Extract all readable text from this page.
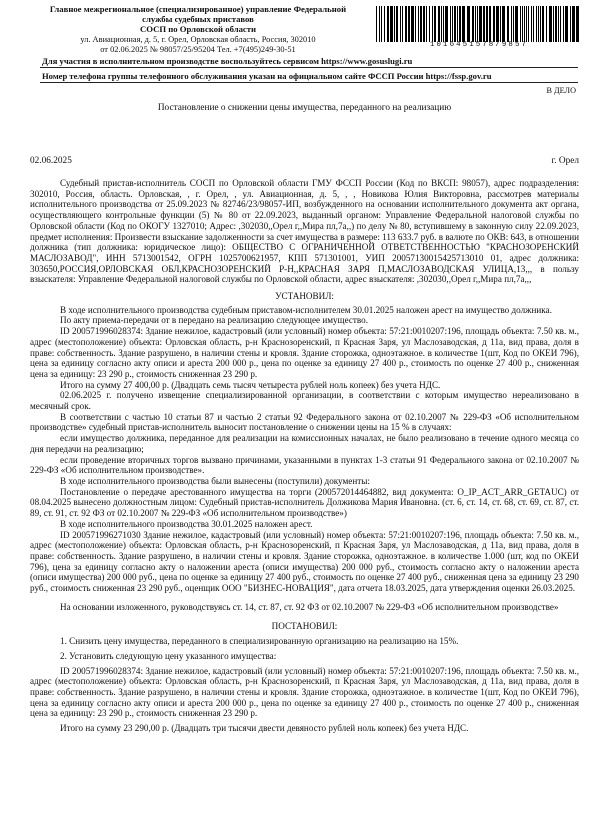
Главное межрегиональное (специализированное) управление Федеральной
службы судебных приставов
СОСП по Орловской области
ул. Авиационная, д. 5, г. Орел, Орловская область, Россия, 302010
от 02.06.2025 № 98057/25/95204 Тел. +7(495)249-30-51	1016451578/9857
Для участия в исполнительном производстве воспользуйтесь сервисом https://www.gosuslugi.ru
Номер телефона группы телефонного обслуживания указан на официальном сайте ФССП России https://fssp.gov.ru
В ДЕЛО
Постановление о снижении цены имущества, переданного на реализацию
02.06.2025	г. Орел

Судебный пристав-исполнитель СОСП по Орловской области ГМУ ФССП России (Код по ВКСП: 98057), адрес подразделения: 302010, Россия, область. Орловская, , г. Орел, , ул. Авиационная, д. 5, , , Новикова Юлия Викторовна, рассмотрев материалы исполнительного производства от 25.09.2023 № 82746/23/98057-ИП, возбужденного на основании исполнительного документа акт органа, осуществляющего контрольные функции (5) № 80 от 22.09.2023, выданный органом: Управление Федеральной налоговой службы по Орловской области (Код по ОКОГУ 1327010; Адрес: ,302030,,Орел г,,Мира пл,7а,,) по делу № 80, вступившему в законную силу 22.09.2023, предмет исполнения: Произвести взыскание задолженности за счет имущества в размере: 113 633.7 руб. в валюте по ОКВ: 643, в отношении должника (тип должника: юридическое лицо): ОБЩЕСТВО С ОГРАНИЧЕННОЙ ОТВЕТСТВЕННОСТЬЮ "КРАСНОЗОРЕНСКИЙ МАСЛОЗАВОД", ИНН 5713001542, ОГРН 1025700621957, КПП 571301001, УИП 20057130015425713010 01, адрес должника: 303650,РОССИЯ,ОРЛОВСКАЯ ОБЛ,КРАСНОЗОРЕНСКИЙ Р-Н,,КРАСНАЯ ЗАРЯ П,МАСЛОЗАВОДСКАЯ УЛИЦА,13,,, в пользу взыскателя: Управление Федеральной налоговой службы по Орловской области, адрес взыскателя: ,302030,,Орел г,,Мира пл,7а,,,

УСТАНОВИЛ:

В ходе исполнительного производства судебным приставом-исполнителем 30.01.2025 наложен арест на имущество должника.

По акту приема-передачи от в передано на реализацию следующее имущество.

ID 200571996028374: Здание нежилое, кадастровый (или условный) номер объекта: 57:21:0010207:196, площадь объекта: 7.50 кв. м., адрес (местоположение) объекта: Орловская область, р-н Краснозоренский, п Красная Заря, ул Маслозаводская, д 11а, вид права, доля в праве: собственность. Здание разрушено, в наличии стены и кровля. Здание сторожка, одноэтажное. в количестве 1(шт, Код по ОКЕИ 796), цена за единицу согласно акту описи и ареста 200 000 р., цена по оценке за единицу 27 400 р., стоимость по оценке 27 400 р., сниженная цена за единицу: 23 290 р., стоимость сниженная 23 290 р.

Итого на сумму 27 400,00 р. (Двадцать семь тысяч четыреста рублей ноль копеек) без учета НДС.

02.06.2025 г. получено извещение специализированной организации, в соответствии с которым имущество нереализовано в месячный срок.

В соответствии с частью 10 статьи 87 и частью 2 статьи 92 Федерального закона от 02.10.2007 № 229-ФЗ «Об исполнительном производстве» судебный пристав-исполнитель выносит постановление о снижении цены на 15 % в случаях:

если имущество должника, переданное для реализации на комиссионных началах, не было реализовано в течение одного месяца со дня передачи на реализацию;

если проведение вторичных торгов вызвано причинами, указанными в пунктах 1-3 статьи 91 Федерального закона от 02.10.2007 № 229-ФЗ «Об исполнительном производстве».

В ходе исполнительного производства были вынесены (поступили) документы:

Постановление о передаче арестованного имущества на торги (200572014464882, вид документа: O_IP_ACT_ARR_GETAUC) от 08.04.2025 вынесено должностным лицом: Судебный пристав-исполнитель Должикова Мария Ивановна. (ст. 6, ст. 14, ст. 68, ст. 69, ст. 87, ст. 89, ст. 91, ст. 92 ФЗ от 02.10.2007 № 229-ФЗ «Об исполнительном производстве»)

В ходе исполнительного производства 30.01.2025 наложен арест.

ID 200571996271030 Здание нежилое, кадастровый (или условный) номер объекта: 57:21:0010207:196, площадь объекта: 7.50 кв. м., адрес (местоположение) объекта: Орловская область, р-н Краснозоренский, п Красная Заря, ул Маслозаводская, д 11а, вид права, доля в праве: собственность. Здание разрушено, в наличии стены и кровля. Здание сторожка, одноэтажное. в количестве 1.000 (шт, код по ОКЕИ 796), цена за единицу согласно акту о наложении ареста (описи имущества) 200 000 руб., стоимость согласно акту о наложении ареста (описи имущества) 200 000 руб., цена по оценке за единицу 27 400 руб., стоимость по оценке 27 400 руб., сниженная цена за единицу 23 290 руб., стоимость сниженная 23 290 руб., оценщик ООО "БИЗНЕС-НОВАЦИЯ", дата отчета 18.03.2025, дата утверждения оценки 26.03.2025.

На основании изложенного, руководствуясь ст. 14, ст. 87, ст. 92 ФЗ от 02.10.2007 № 229-ФЗ «Об исполнительном производстве»

ПОСТАНОВИЛ:

1. Снизить цену имущества, переданного в специализированную организацию на реализацию на 15%.

2. Установить следующую цену указанного имущества:

ID 200571996028374: Здание нежилое, кадастровый (или условный) номер объекта: 57:21:0010207:196, площадь объекта: 7.50 кв. м., адрес (местоположение) объекта: Орловская область, р-н Краснозоренский, п Красная Заря, ул Маслозаводская, д 11а, вид права, доля в праве: собственность. Здание разрушено, в наличии стены и кровля. Здание сторожка, одноэтажное. в количестве 1(шт, Код по ОКЕИ 796), цена за единицу согласно акту описи и ареста 200 000 р., цена по оценке за единицу 27 400 р., стоимость по оценке 27 400 р., сниженная цена за единицу: 23 290 р., стоимость сниженная 23 290 р.

Итого на сумму 23 290,00 р. (Двадцать три тысячи двести девяносто рублей ноль копеек) без учета НДС.
